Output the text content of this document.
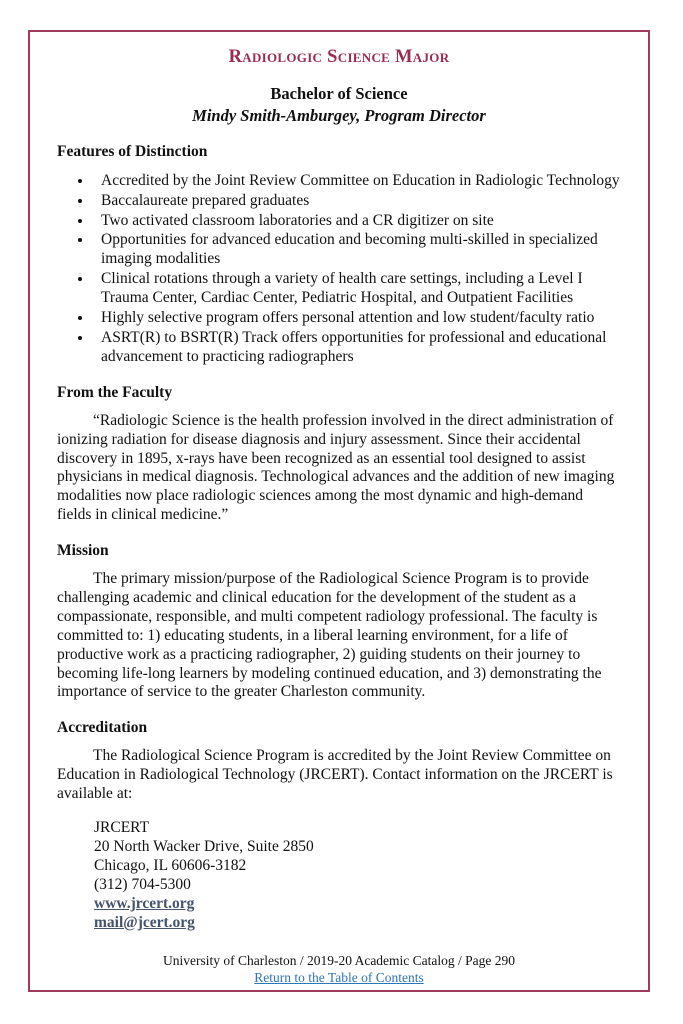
Radiologic Science Major
Bachelor of Science
Mindy Smith-Amburgey, Program Director
Features of Distinction
• Accredited by the Joint Review Committee on Education in Radiologic Technology
• Baccalaureate prepared graduates
• Two activated classroom laboratories and a CR digitizer on site
• Opportunities for advanced education and becoming multi-skilled in specialized imaging modalities
• Clinical rotations through a variety of health care settings, including a Level I Trauma Center, Cardiac Center, Pediatric Hospital, and Outpatient Facilities
• Highly selective program offers personal attention and low student/faculty ratio
• ASRT(R) to BSRT(R) Track offers opportunities for professional and educational advancement to practicing radiographers
From the Faculty

“Radiologic Science is the health profession involved in the direct administration of ionizing radiation for disease diagnosis and injury assessment. Since their accidental discovery in 1895, x-rays have been recognized as an essential tool designed to assist physicians in medical diagnosis. Technological advances and the addition of new imaging modalities now place radiologic sciences among the most dynamic and high-demand fields in clinical medicine.”

Mission

The primary mission/purpose of the Radiological Science Program is to provide challenging academic and clinical education for the development of the student as a compassionate, responsible, and multi competent radiology professional. The faculty is committed to: 1) educating students, in a liberal learning environment, for a life of productive work as a practicing radiographer, 2) guiding students on their journey to becoming life-long learners by modeling continued education, and 3) demonstrating the importance of service to the greater Charleston community.

Accreditation

The Radiological Science Program is accredited by the Joint Review Committee on Education in Radiological Technology (JRCERT). Contact information on the JRCERT is available at:

JRCERT
20 North Wacker Drive, Suite 2850
Chicago, IL 60606-3182
(312) 704-5300
www.jrcert.org
mail@jcert.org
University of Charleston / 2019-20 Academic Catalog / Page 290
Return to the Table of Contents
